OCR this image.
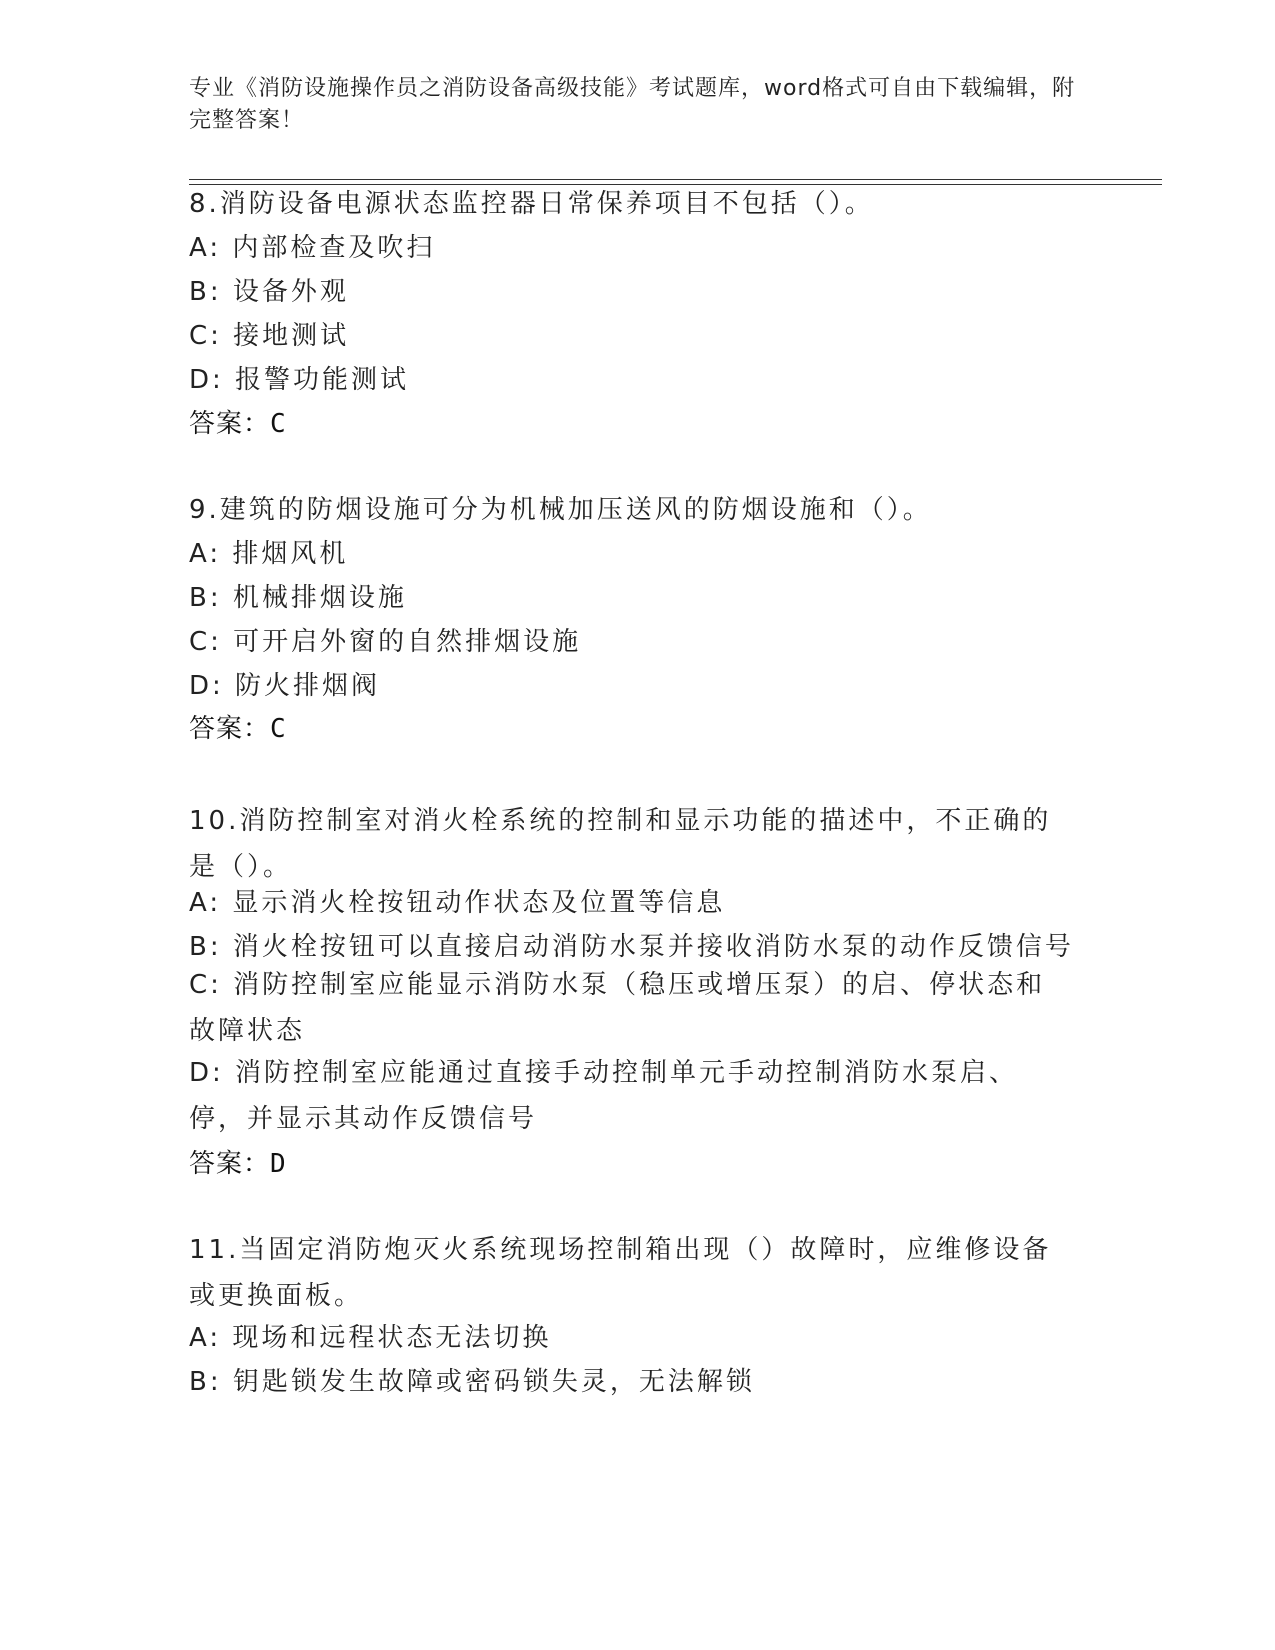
专业《消防设施操作员之消防设备高级技能》考试题库，word格式可自由下载编辑，附完整答案！
8.消防设备电源状态监控器日常保养项目不包括（）。
A: 内部检查及吹扫
B: 设备外观
C: 接地测试
D: 报警功能测试
答案：C
9.建筑的防烟设施可分为机械加压送风的防烟设施和（）。
A: 排烟风机
B: 机械排烟设施
C: 可开启外窗的自然排烟设施
D: 防火排烟阀
答案：C
10.消防控制室对消火栓系统的控制和显示功能的描述中，不正确的是（）。
A: 显示消火栓按钮动作状态及位置等信息
B: 消火栓按钮可以直接启动消防水泵并接收消防水泵的动作反馈信号
C: 消防控制室应能显示消防水泵（稳压或增压泵）的启、停状态和故障状态
D: 消防控制室应能通过直接手动控制单元手动控制消防水泵启、停，并显示其动作反馈信号
答案：D
11.当固定消防炮灭火系统现场控制箱出现（）故障时，应维修设备或更换面板。
A: 现场和远程状态无法切换
B: 钥匙锁发生故障或密码锁失灵，无法解锁
